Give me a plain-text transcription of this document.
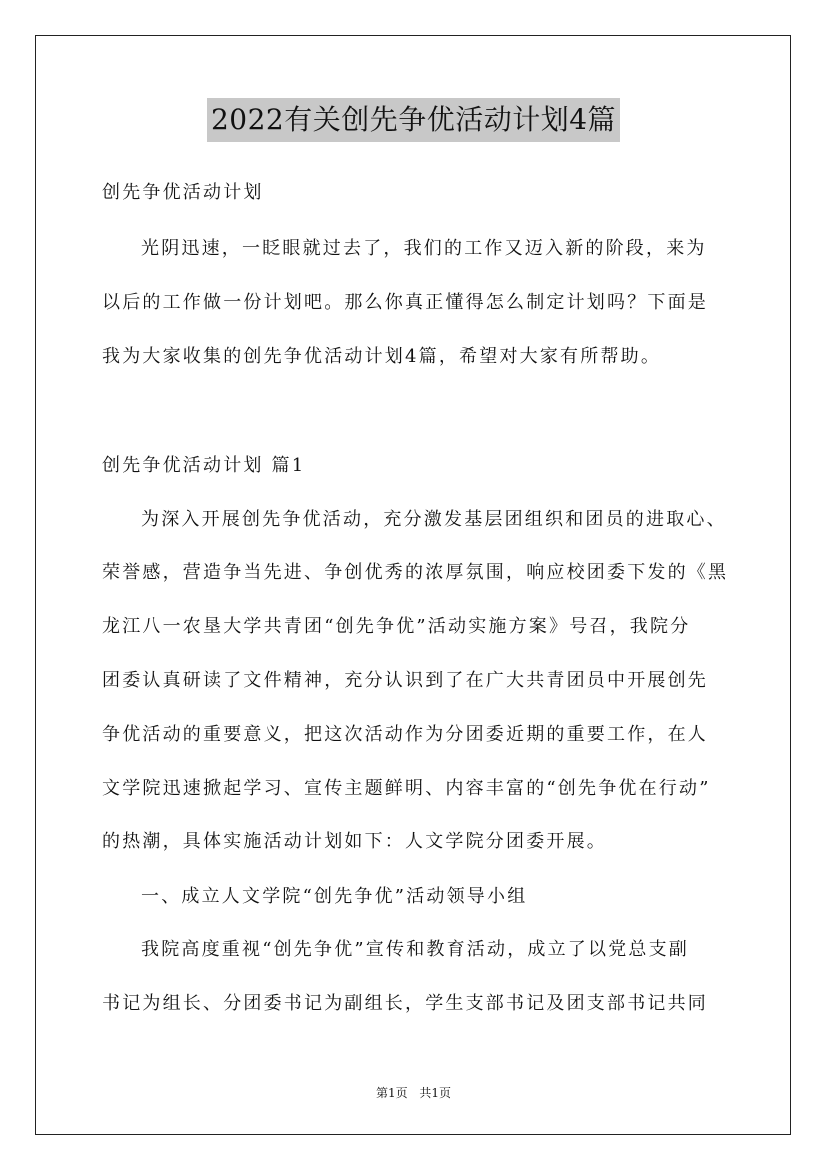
2022有关创先争优活动计划4篇

创先争优活动计划

光阴迅速，一眨眼就过去了，我们的工作又迈入新的阶段，来为

以后的工作做一份计划吧。那么你真正懂得怎么制定计划吗？下面是

我为大家收集的创先争优活动计划4篇，希望对大家有所帮助。

创先争优活动计划 篇1

为深入开展创先争优活动，充分激发基层团组织和团员的进取心、

荣誉感，营造争当先进、争创优秀的浓厚氛围，响应校团委下发的《黑

龙江八一农垦大学共青团“创先争优”活动实施方案》号召，我院分

团委认真研读了文件精神，充分认识到了在广大共青团员中开展创先

争优活动的重要意义，把这次活动作为分团委近期的重要工作，在人

文学院迅速掀起学习、宣传主题鲜明、内容丰富的“创先争优在行动”

的热潮，具体实施活动计划如下：人文学院分团委开展。

一、成立人文学院“创先争优”活动领导小组

我院高度重视“创先争优”宣传和教育活动，成立了以党总支副

书记为组长、分团委书记为副组长，学生支部书记及团支部书记共同

第1页 共1页
